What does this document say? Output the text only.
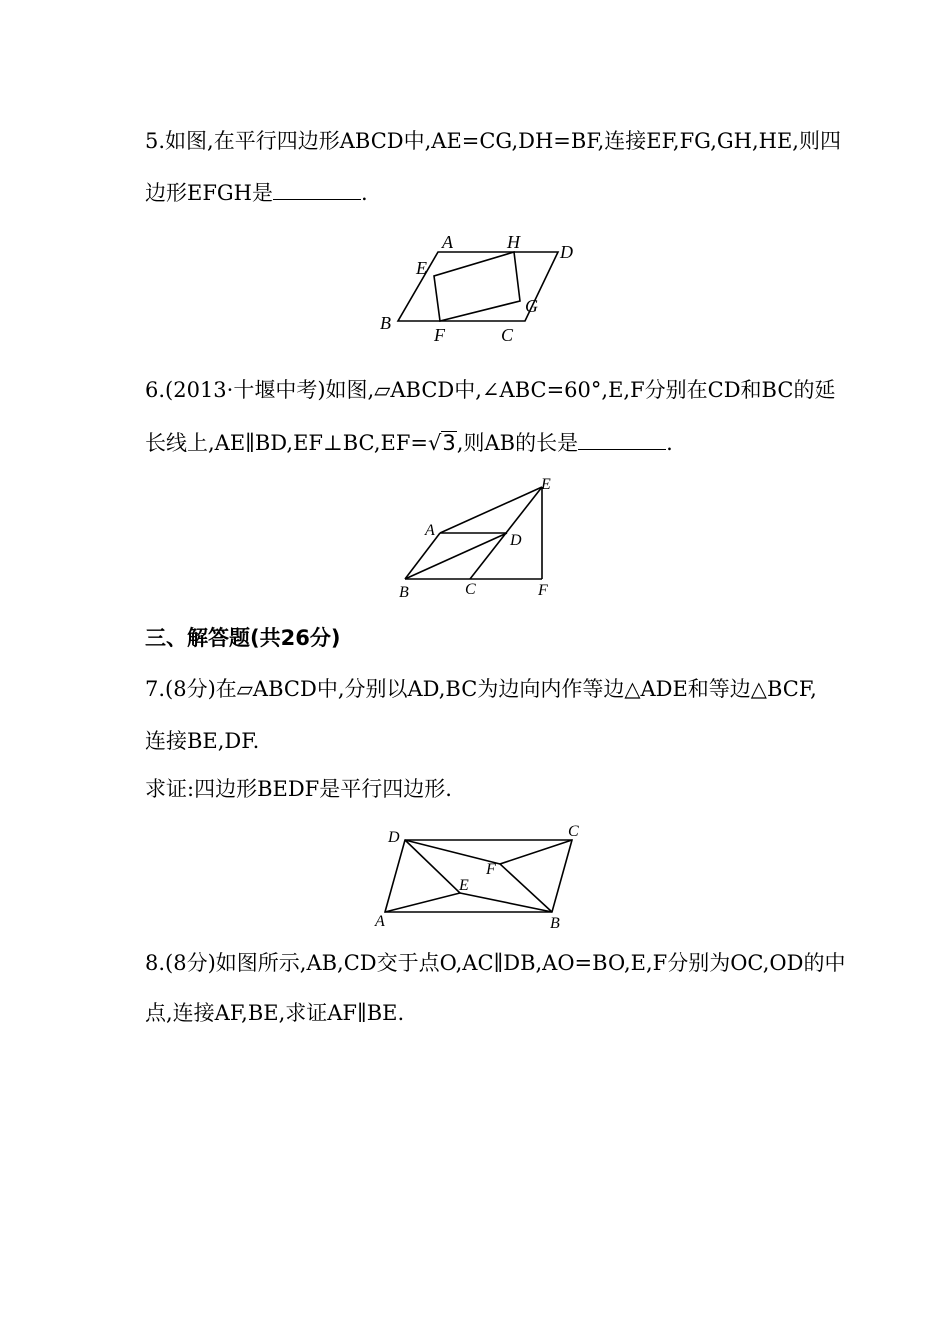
5.如图,在平行四边形ABCD中,AE=CG,DH=BF,连接EF,FG,GH,HE,则四
边形EFGH是	.
A	H D
E
G
B
F	C
6.(2013·十堰中考)如图,▱ABCD中,∠ABC=60°,E,F分别在CD和BC的延
长线上,AE∥BD,EF⊥BC,EF=√3,则AB的长是	.
E
A
D
B	C	F
三、解答题(共26分)
7.(8分)在▱ABCD中,分别以AD,BC为边向内作等边△ADE和等边△BCF,
连接BE,DF.
求证:四边形BEDF是平行四边形.
D	C
F
E
A	B
8.(8分)如图所示,AB,CD交于点O,AC∥DB,AO=BO,E,F分别为OC,OD的中
点,连接AF,BE,求证AF∥BE.
